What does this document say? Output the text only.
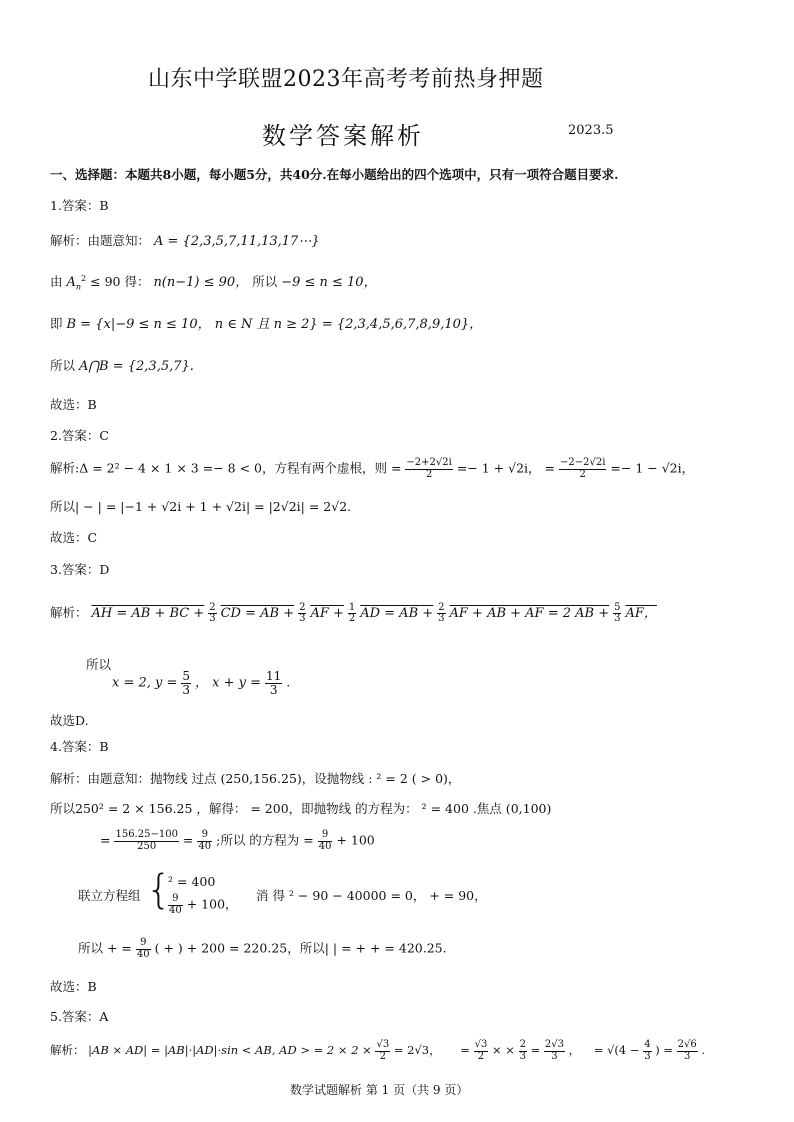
山东中学联盟2023年高考考前热身押题
数学答案解析	2023.5
一、选择题：本题共8小题，每小题5分，共40分.在每小题给出的四个选项中，只有一项符合题目要求.
1.答案：B
解析：由题意知： A = {2,3,5,7,11,13,17⋯}
由 $A_n^2 \le 90$ 得： n(n−1) ≤ 90， 所以 −9 ≤ n ≤ 10，
即 B = {x|−9 ≤ n ≤ 10， n ∈ N 且 n ≥ 2} = {2,3,4,5,6,7,8,9,10}，
所以 A⋂B = {2,3,5,7}.
故选：B
2.答案：C
解析:Δ = 2² − 4 × 1 × 3 =− 8 < 0，方程有两个虚根，则 = $\frac{-2+2√2i}{2} =- 1 + √2i$， = $\frac{-2-2√2i}{2} =- 1 - √2i$，
所以| − | = |−1 + √2i + 1 + √2i| = |2√2i| = 2√2.
故选：C
3.答案：D
解析： AH = AB + BC + $\frac{2}{3}$ CD = AB + $\frac{2}{3}$ AF + $\frac{1}{2}$ AD = AB + $\frac{2}{3}$ AF + AB + AF = 2 AB + $\frac{5}{3}$ AF，
所以
x = 2, $y = \frac{5}{3}$ ， $x + y = \frac{11}{3}$ .
故选D.
4.答案：B
解析：由题意知：抛物线 过点 (250,156.25)，设抛物线 : ² = 2 ( > 0)，
所以250² = 2 × 156.25 ，解得： = 200，即抛物线 的方程为： ² = 400 .焦点 (0,100)
= $\frac{156.25-100}{250} = \frac{9}{40}$ ;所以 的方程为 = $\frac{9}{40} + 100$
联立方程组 {
² = 400
$\frac{9}{40} + 100$，
消 得 ² − 90 − 40000 = 0， + = 90，
所以 + = $\frac{9}{40}$ ( + ) + 200 = 220.25，所以| | = + + = 420.25.
故选：B
5.答案：A
解析： |AB × AD| = |AB|·|AD|·sin < AB, AD > = $2 \times 2 \times \frac{√3}{2} = 2√3$， = $\frac{√3}{2}$ × × $\frac{2}{3} = \frac{2√3}{3}$ ， = $√(4 - \frac{4}{3}$ ) = $\frac{2√6}{3}$ .
数学试题解析 第 1 页（共 9 页）
